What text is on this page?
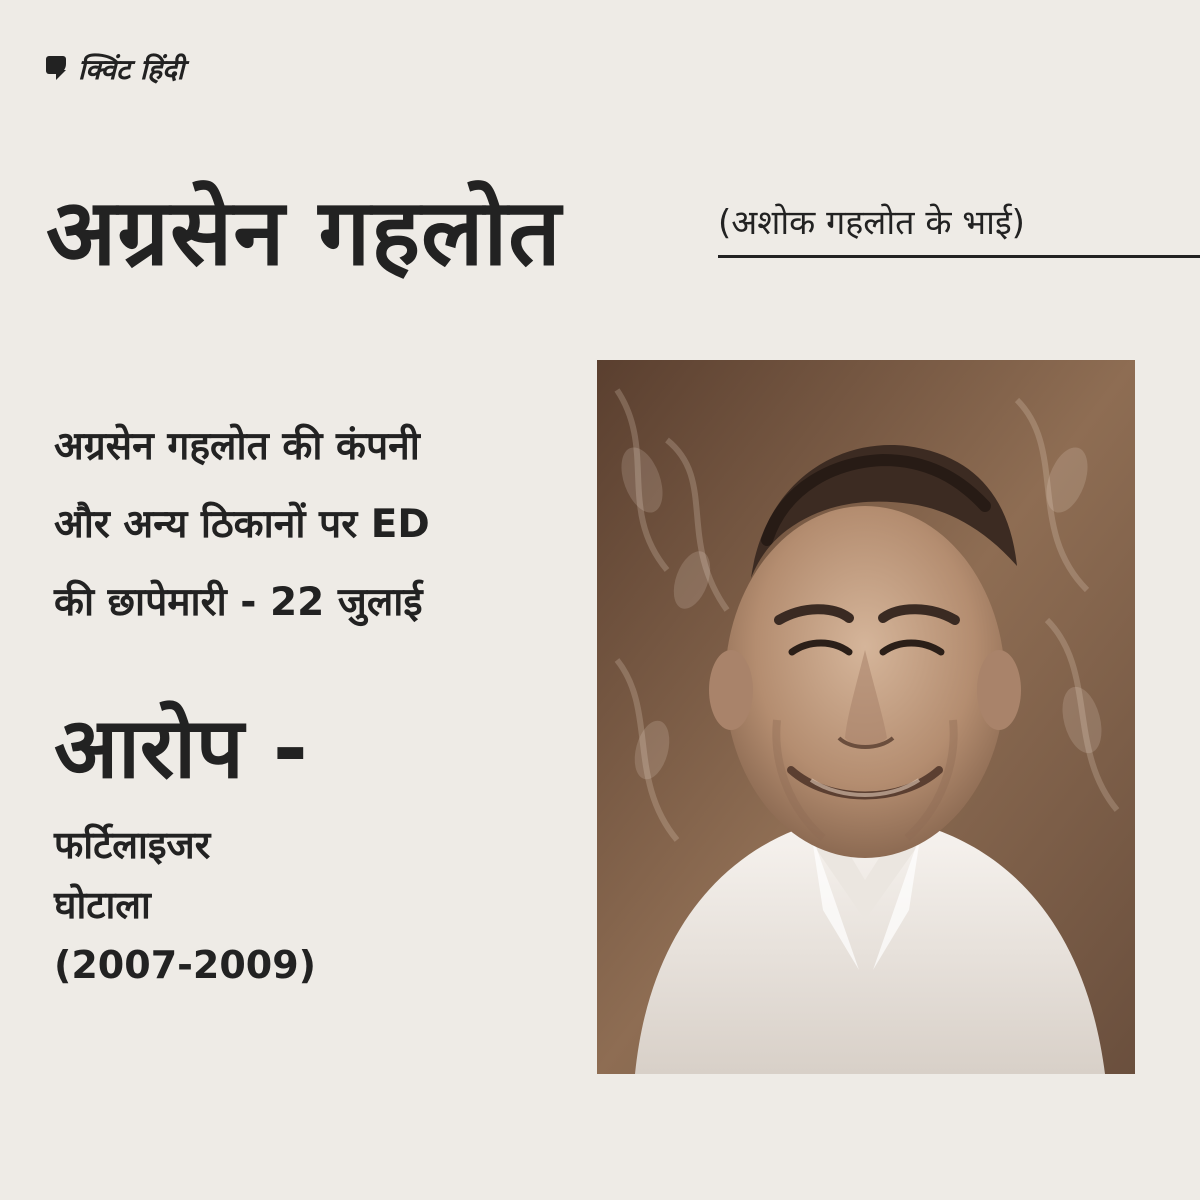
क्विंट हिंदी
अग्रसेन गहलोत	(अशोक गहलोत के भाई)
अग्रसेन गहलोत की कंपनी
और अन्य ठिकानों पर ED
की छापेमारी - 22 जुलाई
आरोप -
फर्टिलाइजर
घोटाला
(2007-2009)
